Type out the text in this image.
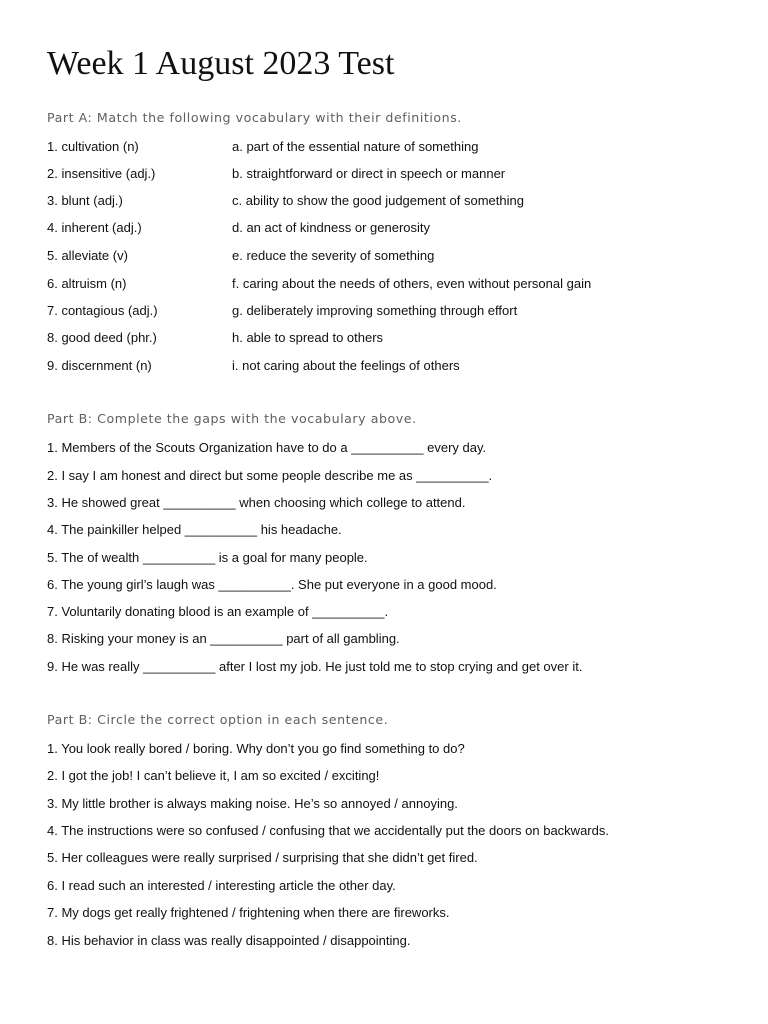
Week 1 August 2023 Test
Part A: Match the following vocabulary with their definitions.
1. cultivation (n)	a. part of the essential nature of something
2. insensitive (adj.)	b. straightforward or direct in speech or manner
3. blunt (adj.)	c. ability to show the good judgement of something
4. inherent (adj.)	d. an act of kindness or generosity
5. alleviate (v)	e. reduce the severity of something
6. altruism (n)	f. caring about the needs of others, even without personal gain
7. contagious (adj.)	g. deliberately improving something through effort
8. good deed (phr.)	h. able to spread to others
9. discernment (n)	i. not caring about the feelings of others
Part B: Complete the gaps with the vocabulary above.
1. Members of the Scouts Organization have to do a __________ every day.
2. I say I am honest and direct but some people describe me as __________.
3. He showed great __________ when choosing which college to attend.
4. The painkiller helped __________ his headache.
5. The of wealth __________ is a goal for many people.
6. The young girl’s laugh was __________. She put everyone in a good mood.
7. Voluntarily donating blood is an example of __________.
8. Risking your money is an __________ part of all gambling.
9. He was really __________ after I lost my job. He just told me to stop crying and get over it.
Part B: Circle the correct option in each sentence.
1. You look really bored / boring. Why don’t you go find something to do?
2. I got the job! I can’t believe it, I am so excited / exciting!
3. My little brother is always making noise. He’s so annoyed / annoying.
4. The instructions were so confused / confusing that we accidentally put the doors on backwards.
5. Her colleagues were really surprised / surprising that she didn’t get fired.
6. I read such an interested / interesting article the other day.
7. My dogs get really frightened / frightening when there are fireworks.
8. His behavior in class was really disappointed / disappointing.
